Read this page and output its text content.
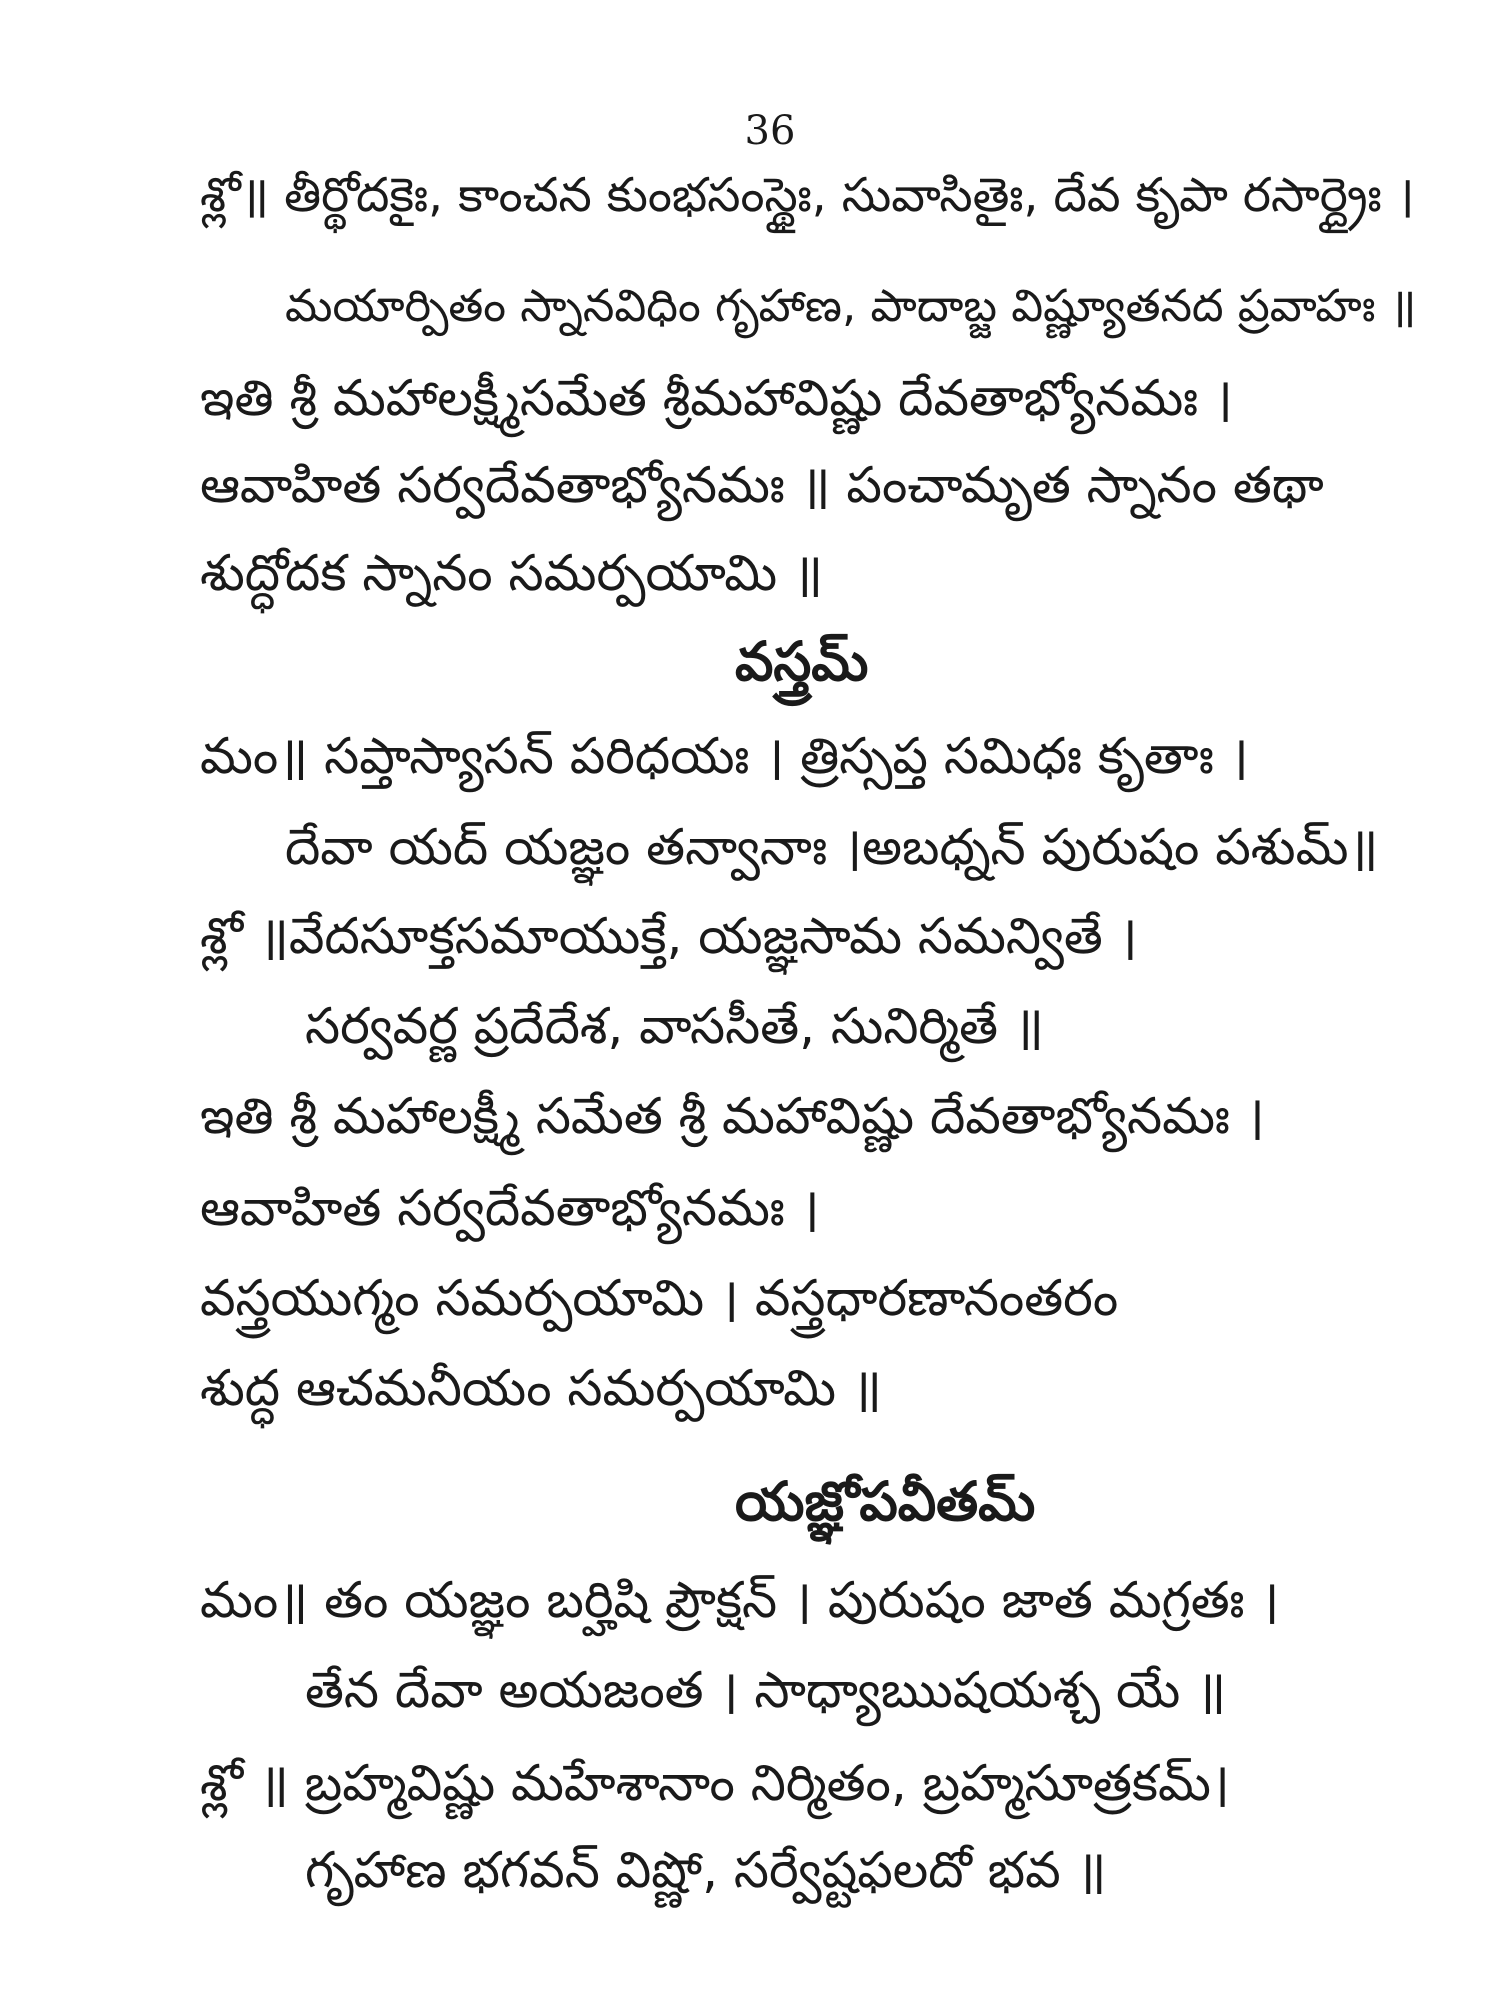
36
శ్లో॥ తీర్థోదకైః, కాంచన కుంభసంస్థైః, సువాసితైః, దేవ కృపా రసార్ద్రైః ।
మయార్పితం స్నానవిధిం గృహాణ, పాదాబ్జ విష్ణ్యూతనద ప్రవాహః ॥
ఇతి శ్రీ మహాలక్ష్మీసమేత శ్రీమహావిష్ణు దేవతాభ్యోనమః ।
ఆవాహిత సర్వదేవతాభ్యోనమః ॥ పంచామృత స్నానం తథా
శుద్ధోదక స్నానం సమర్పయామి ॥
వస్త్రమ్
మం॥ సప్తాస్యాసన్ పరిధయః । త్రిస్సప్త సమిధః కృతాః ।
దేవా యద్ యజ్ఞం తన్వానాః ।అబధ్నన్ పురుషం పశుమ్॥
శ్లో ॥వేదసూక్తసమాయుక్తే, యజ్ఞసామ సమన్వితే ।
సర్వవర్ణ ప్రదేదేశ, వాససీతే, సునిర్మితే ॥
ఇతి శ్రీ మహాలక్ష్మీ సమేత శ్రీ మహావిష్ణు దేవతాభ్యోనమః ।
ఆవాహిత సర్వదేవతాభ్యోనమః ।
వస్త్రయుగ్మం సమర్పయామి । వస్త్రధారణానంతరం
శుద్ధ ఆచమనీయం సమర్పయామి ॥
యజ్ఞోపవీతమ్
మం॥ తం యజ్ఞం బర్హిషి ప్రౌక్షన్ । పురుషం జాత మగ్రతః ।
తేన దేవా అయజంత । సాధ్యాఋషయశ్చ యే ॥
శ్లో ॥ బ్రహ్మవిష్ణు మహేశానాం నిర్మితం, బ్రహ్మసూత్రకమ్।
గృహాణ భగవన్ విష్ణో, సర్వేష్టఫలదో భవ ॥
